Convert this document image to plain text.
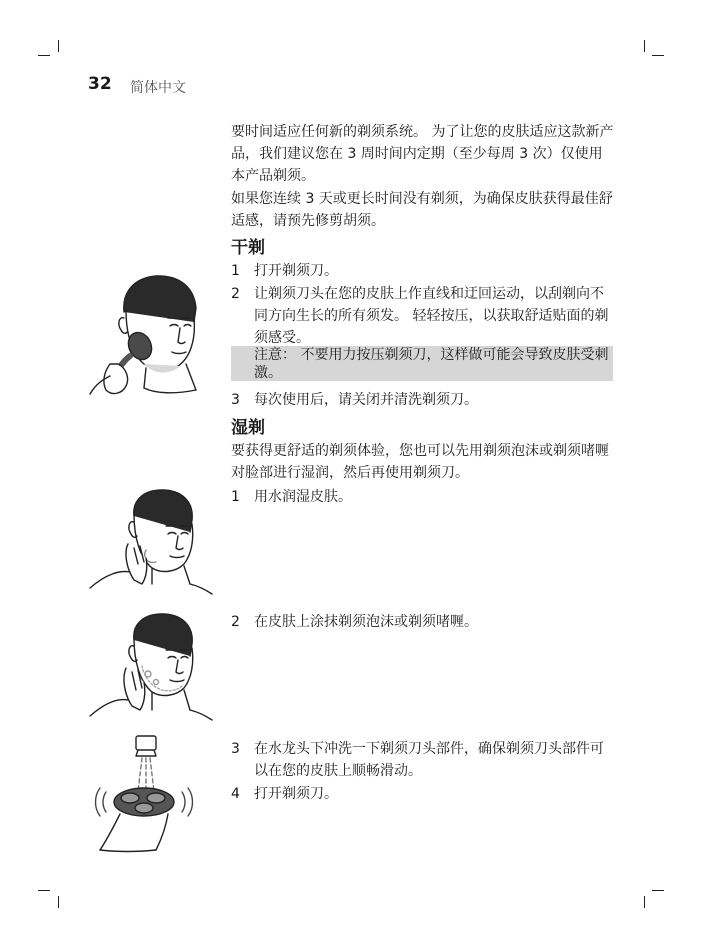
32 简体中文

要时间适应任何新的剃须系统。 为了让您的皮肤适应这款新产品，我们建议您在 3 周时间内定期（至少每周 3 次）仅使用本产品剃须。

如果您连续 3 天或更长时间没有剃须，为确保皮肤获得最佳舒适感，请预先修剪胡须。

干剃
1 打开剃须刀。
2 让剃须刀头在您的皮肤上作直线和迂回运动，以刮剃向不同方向生长的所有须发。 轻轻按压，以获取舒适贴面的剃须感受。
注意： 不要用力按压剃须刀，这样做可能会导致皮肤受刺激。
3 每次使用后，请关闭并清洗剃须刀。
湿剃

要获得更舒适的剃须体验，您也可以先用剃须泡沫或剃须啫喱对脸部进行湿润，然后再使用剃须刀。

1 用水润湿皮肤。
2 在皮肤上涂抹剃须泡沫或剃须啫喱。
3 在水龙头下冲洗一下剃须刀头部件，确保剃须刀头部件可以在您的皮肤上顺畅滑动。
4 打开剃须刀。
